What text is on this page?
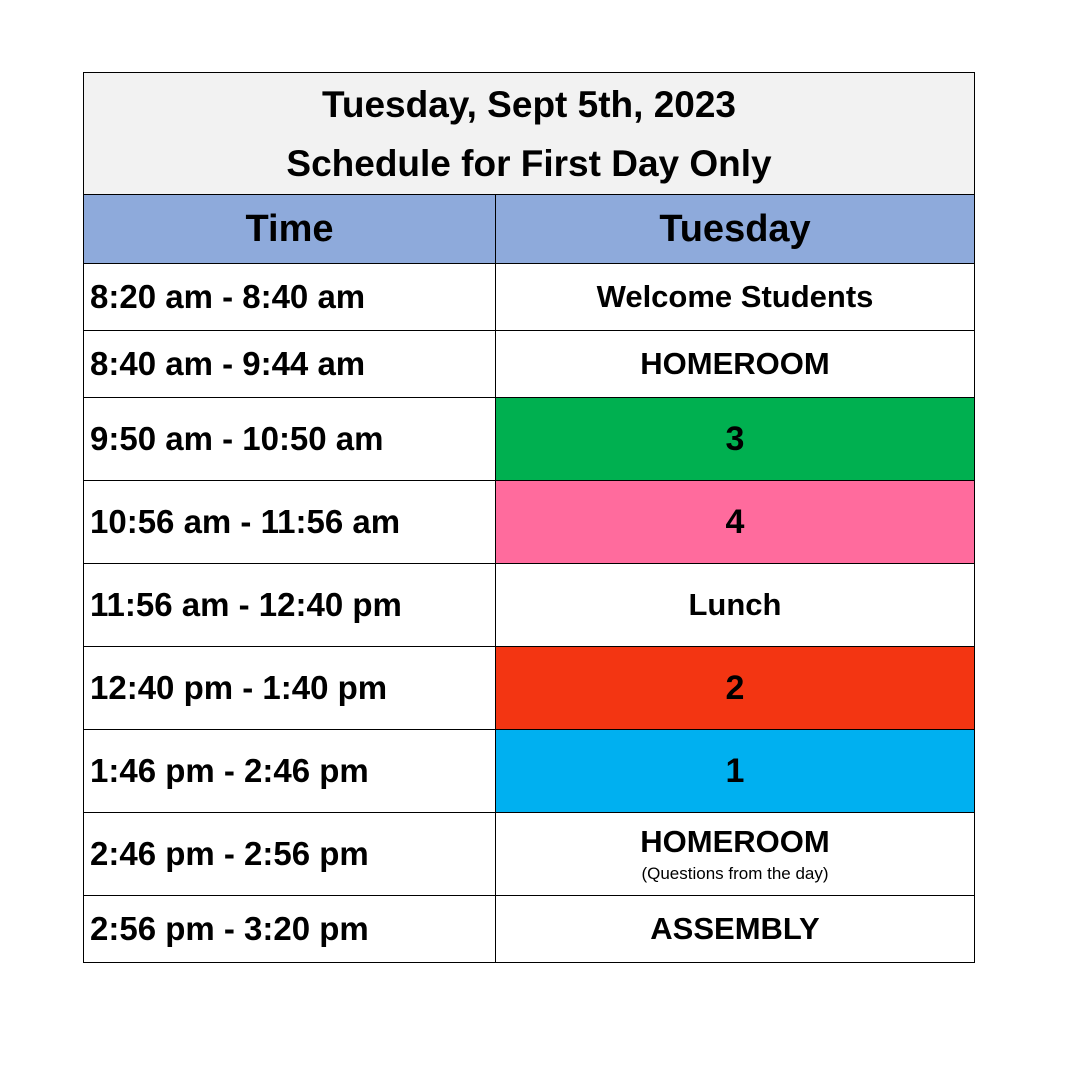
Tuesday, Sept 5th, 2023
Schedule for First Day Only	

Time	Tuesday
8:20 am - 8:40 am	Welcome Students
8:40 am - 9:44 am	HOMEROOM
9:50 am - 10:50 am	3
10:56 am - 11:56 am	4
11:56 am - 12:40 pm	Lunch
12:40 pm - 1:40 pm	2
1:46 pm - 2:46 pm	1
2:46 pm - 2:56 pm	HOMEROOM
(Questions from the day)

2:56 pm - 3:20 pm	ASSEMBLY
